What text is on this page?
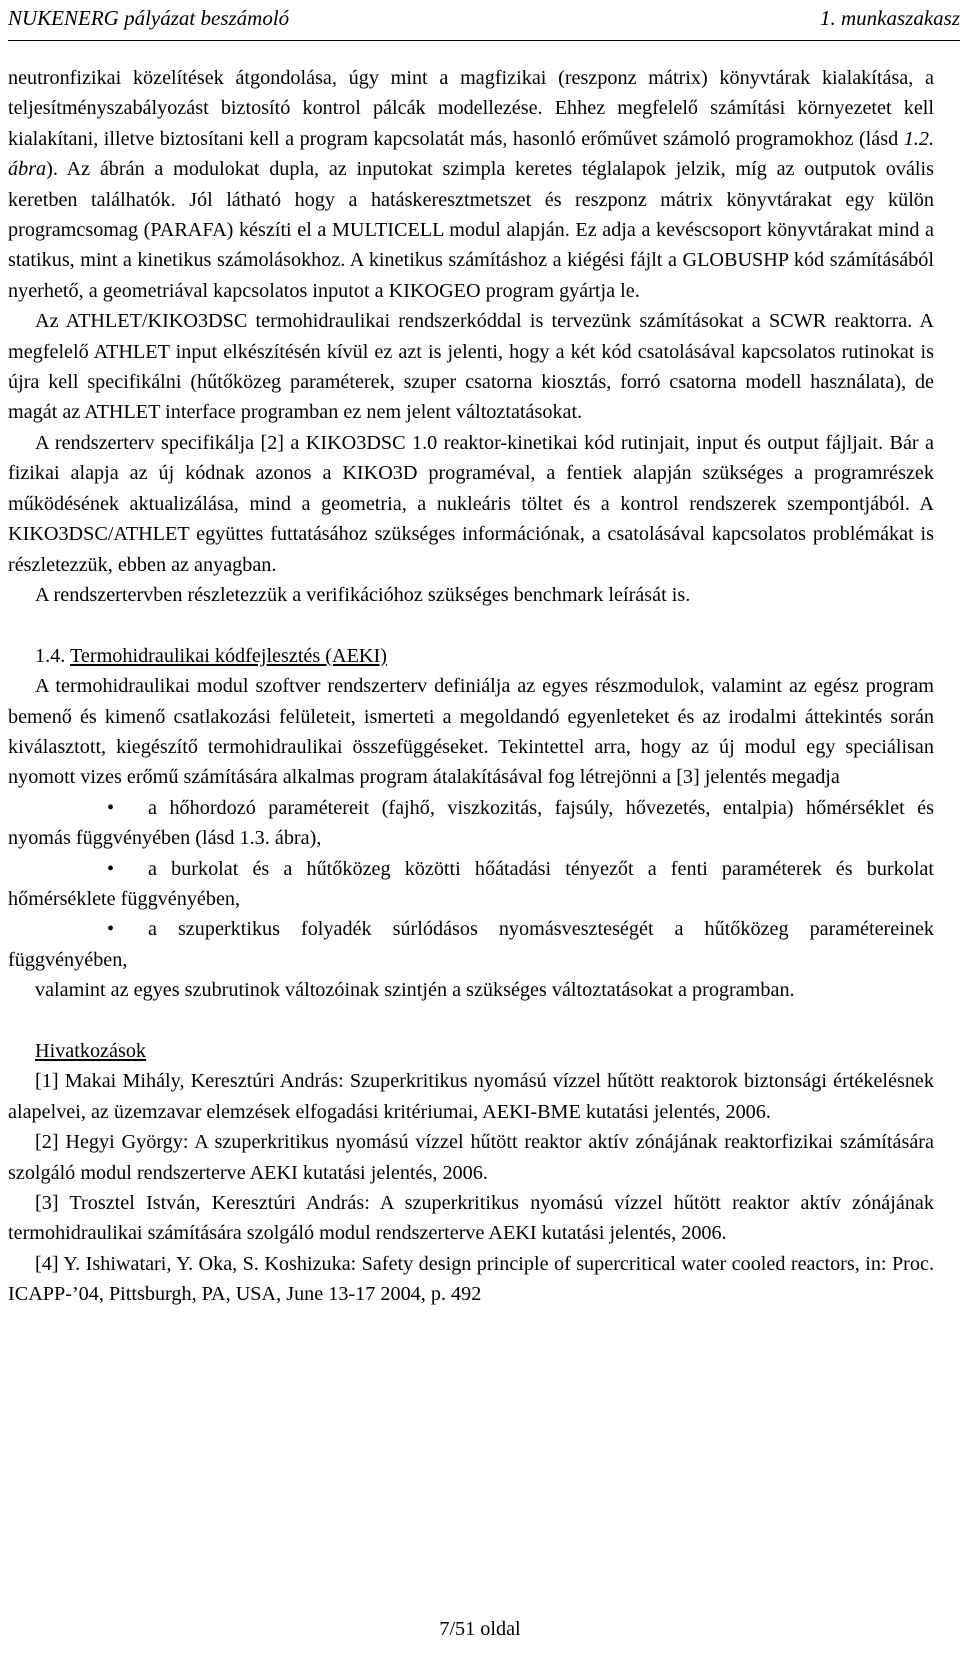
NUKENERG pályázat beszámoló	1. munkaszakasz

neutronfizikai közelítések átgondolása, úgy mint a magfizikai (reszponz mátrix) könyvtárak kialakítása, a teljesítményszabályozást biztosító kontrol pálcák modellezése. Ehhez megfelelő számítási környezetet kell kialakítani, illetve biztosítani kell a program kapcsolatát más, hasonló erőművet számoló programokhoz (lásd 1.2. ábra). Az ábrán a modulokat dupla, az inputokat szimpla keretes téglalapok jelzik, míg az outputok ovális keretben találhatók. Jól látható hogy a hatáskeresztmetszet és reszponz mátrix könyvtárakat egy külön programcsomag (PARAFA) készíti el a MULTICELL modul alapján. Ez adja a kevéscsoport könyvtárakat mind a statikus, mint a kinetikus számolásokhoz. A kinetikus számításhoz a kiégési fájlt a GLOBUSHP kód számításából nyerhető, a geometriával kapcsolatos inputot a KIKOGEO program gyártja le.

Az ATHLET/KIKO3DSC termohidraulikai rendszerkóddal is tervezünk számításokat a SCWR reaktorra. A megfelelő ATHLET input elkészítésén kívül ez azt is jelenti, hogy a két kód csatolásával kapcsolatos rutinokat is újra kell specifikálni (hűtőközeg paraméterek, szuper csatorna kiosztás, forró csatorna modell használata), de magát az ATHLET interface programban ez nem jelent változtatásokat.

A rendszerterv specifikálja [2] a KIKO3DSC 1.0 reaktor-kinetikai kód rutinjait, input és output fájljait. Bár a fizikai alapja az új kódnak azonos a KIKO3D programéval, a fentiek alapján szükséges a programrészek működésének aktualizálása, mind a geometria, a nukleáris töltet és a kontrol rendszerek szempontjából. A KIKO3DSC/ATHLET együttes futtatásához szükséges információnak, a csatolásával kapcsolatos problémákat is részletezzük, ebben az anyagban.

A rendszertervben részletezzük a verifikációhoz szükséges benchmark leírását is.

1.4. Termohidraulikai kódfejlesztés (AEKI)

A termohidraulikai modul szoftver rendszerterv definiálja az egyes részmodulok, valamint az egész program bemenő és kimenő csatlakozási felületeit, ismerteti a megoldandó egyenleteket és az irodalmi áttekintés során kiválasztott, kiegészítő termohidraulikai összefüggéseket. Tekintettel arra, hogy az új modul egy speciálisan nyomott vizes erőmű számítására alkalmas program átalakításával fog létrejönni a [3] jelentés megadja

•	a hőhordozó paramétereit (fajhő, viszkozitás, fajsúly, hővezetés, entalpia) hőmérséklet és nyomás függvényében (lásd 1.3. ábra),
•	a burkolat és a hűtőközeg közötti hőátadási tényezőt a fenti paraméterek és burkolat hőmérséklete függvényében,
•	a szuperktikus folyadék súrlódásos nyomásveszteségét a hűtőközeg paramétereinek függvényében,

valamint az egyes szubrutinok változóinak szintjén a szükséges változtatásokat a programban.

Hivatkozások

[1] Makai Mihály, Keresztúri András: Szuperkritikus nyomású vízzel hűtött reaktorok biztonsági értékelésnek alapelvei, az üzemzavar elemzések elfogadási kritériumai, AEKI-BME kutatási jelentés, 2006.

[2] Hegyi György: A szuperkritikus nyomású vízzel hűtött reaktor aktív zónájának reaktorfizikai számítására szolgáló modul rendszerterve AEKI kutatási jelentés, 2006.

[3] Trosztel István, Keresztúri András: A szuperkritikus nyomású vízzel hűtött reaktor aktív zónájának termohidraulikai számítására szolgáló modul rendszerterve AEKI kutatási jelentés, 2006.

[4] Y. Ishiwatari, Y. Oka, S. Koshizuka: Safety design principle of supercritical water cooled reactors, in: Proc. ICAPP-’04, Pittsburgh, PA, USA, June 13-17 2004, p. 492

7/51 oldal
